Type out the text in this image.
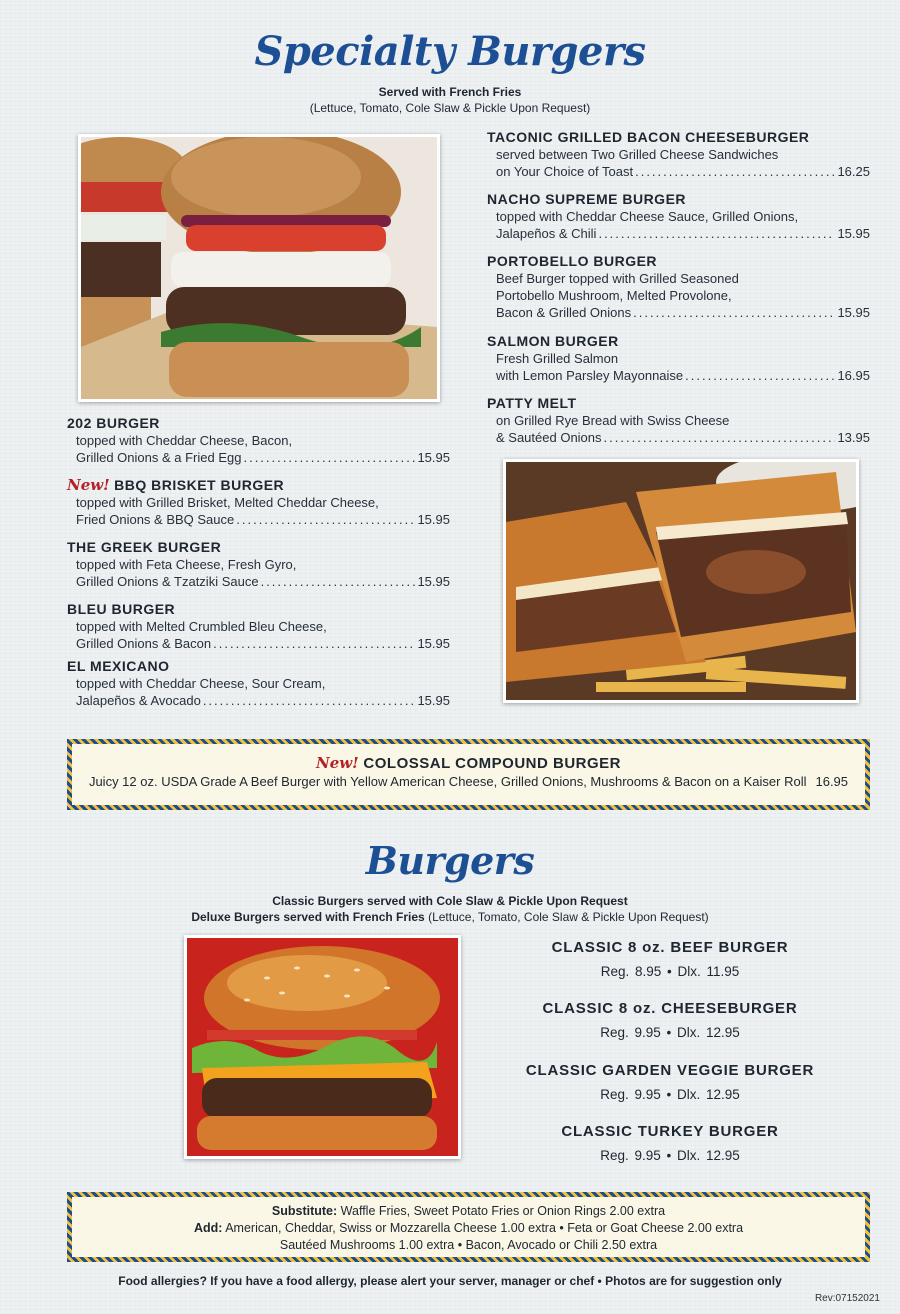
Specialty Burgers
Served with French Fries
(Lettuce, Tomato, Cole Slaw & Pickle Upon Request)
TACONIC GRILLED BACON CHEESEBURGER
served between Two Grilled Cheese Sandwiches
on Your Choice of Toast .....	16.25
NACHO SUPREME BURGER
topped with Cheddar Cheese Sauce, Grilled Onions,
Jalapeños & Chili .....	15.95
PORTOBELLO BURGER
Beef Burger topped with Grilled Seasoned
Portobello Mushroom, Melted Provolone,
Bacon & Grilled Onions .....	15.95
SALMON BURGER
Fresh Grilled Salmon
with Lemon Parsley Mayonnaise .....	16.95
PATTY MELT
on Grilled Rye Bread with Swiss Cheese
& Sautéed Onions .....	13.95
202 BURGER
topped with Cheddar Cheese, Bacon,
Grilled Onions & a Fried Egg .....	15.95
New! BBQ BRISKET BURGER
topped with Grilled Brisket, Melted Cheddar Cheese,
Fried Onions & BBQ Sauce .....	15.95
THE GREEK BURGER
topped with Feta Cheese, Fresh Gyro,
Grilled Onions & Tzatziki Sauce .....	15.95
BLEU BURGER
topped with Melted Crumbled Bleu Cheese,
Grilled Onions & Bacon .....	15.95
EL MEXICANO
topped with Cheddar Cheese, Sour Cream,
Jalapeños & Avocado .....	15.95
New! COLOSSAL COMPOUND BURGER
Juicy 12 oz. USDA Grade A Beef Burger with Yellow American Cheese, Grilled Onions, Mushrooms & Bacon on a Kaiser Roll 16.95
Burgers
Classic Burgers served with Cole Slaw & Pickle Upon Request
Deluxe Burgers served with French Fries (Lettuce, Tomato, Cole Slaw & Pickle Upon Request)
CLASSIC 8 oz. BEEF BURGER
Reg. 8.95 • Dlx. 11.95
CLASSIC 8 oz. CHEESEBURGER
Reg. 9.95 • Dlx. 12.95
CLASSIC GARDEN VEGGIE BURGER
Reg. 9.95 • Dlx. 12.95
CLASSIC TURKEY BURGER
Reg. 9.95 • Dlx. 12.95
Substitute: Waffle Fries, Sweet Potato Fries or Onion Rings 2.00 extra
Add: American, Cheddar, Swiss or Mozzarella Cheese 1.00 extra • Feta or Goat Cheese 2.00 extra
Sautéed Mushrooms 1.00 extra • Bacon, Avocado or Chili 2.50 extra
Food allergies? If you have a food allergy, please alert your server, manager or chef • Photos are for suggestion only
Rev:07152021
